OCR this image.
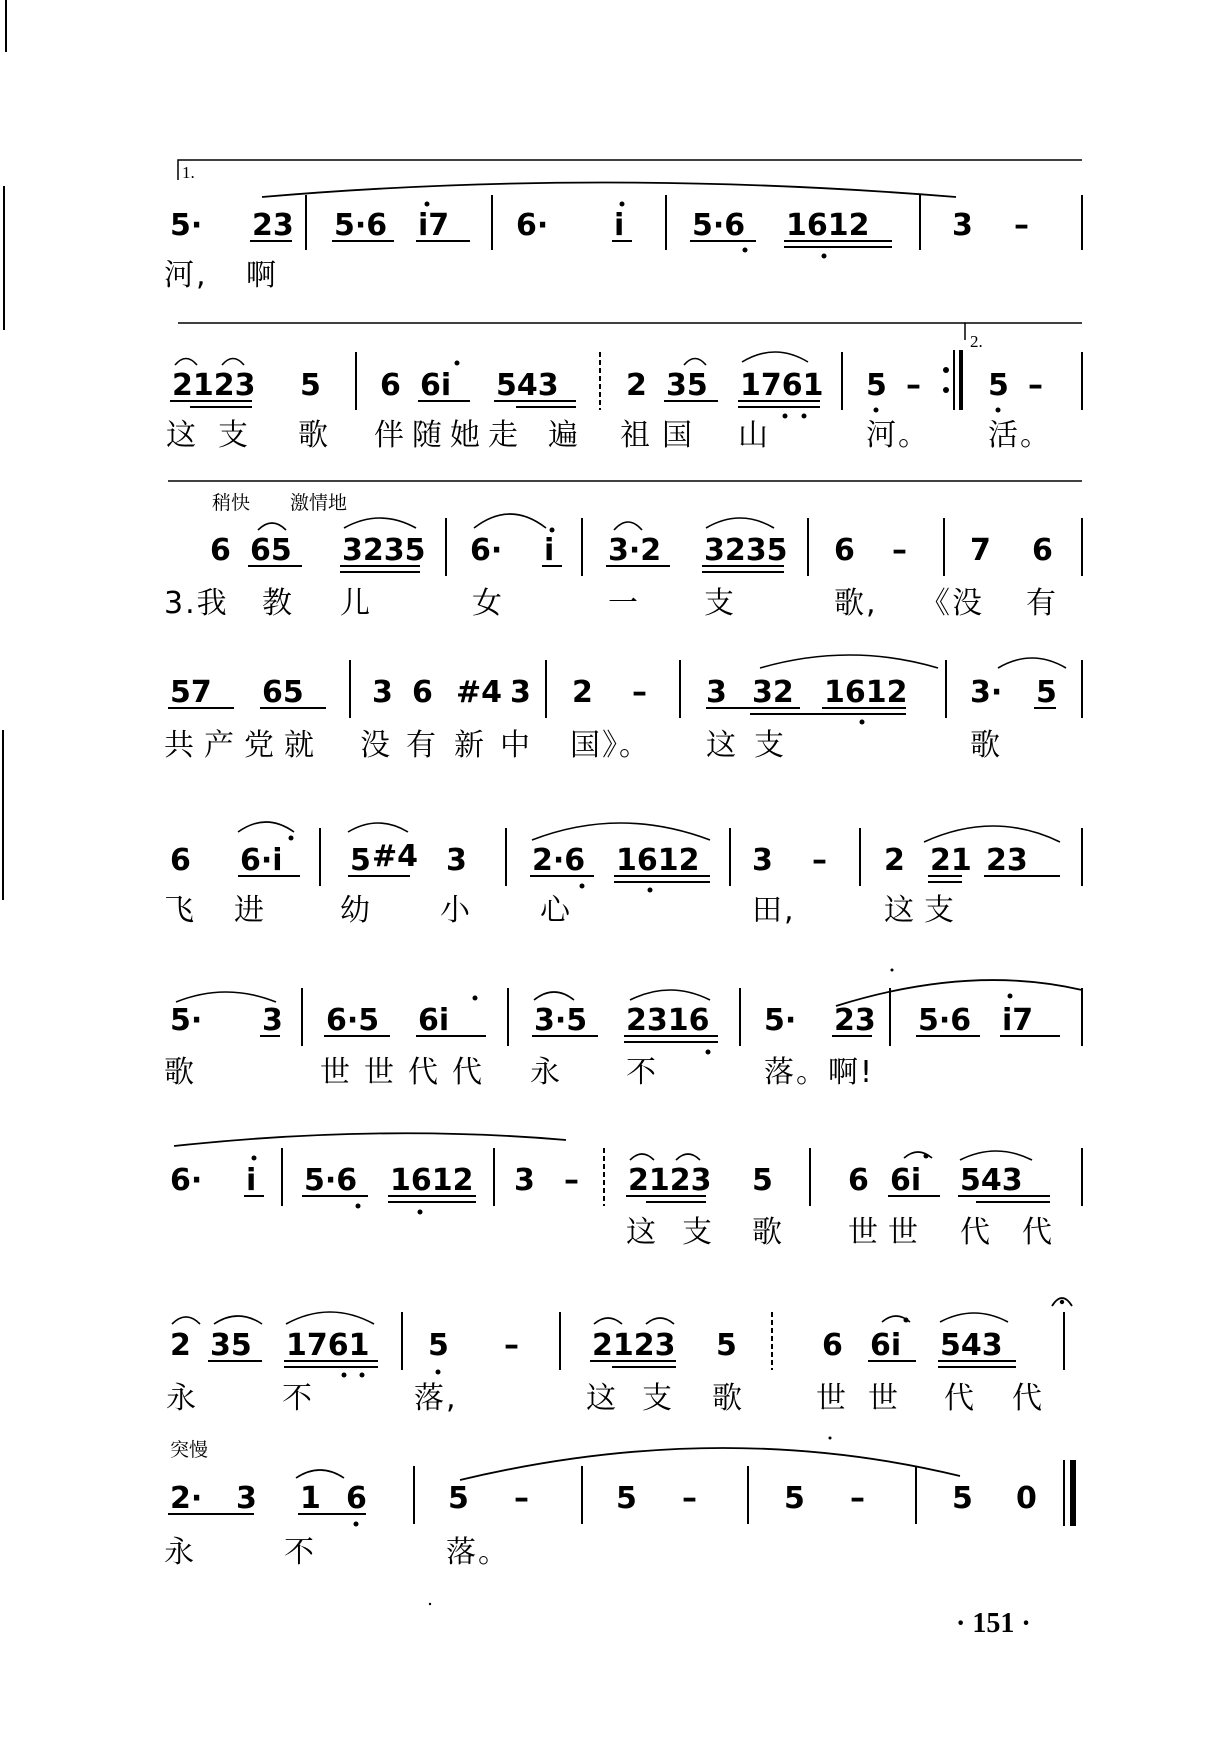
1.
5· 23 5·6 i7 6· i 5·6 1612	3 –
河, 啊
2.
2123 5 6 6i 543 2 35 1761 5 – 5 –
这 支 歌 伴 随 她 走 遍 祖 国 山	河。 活。
稍快 激情地
6 65 3235 6· i 3·2 3235 6 – 7 6
3.我 教 儿	女	一 支	歌, 《没 有
57 65 3 6 #4 3 2 – 3 32 1612 3· 5
共 产 党 就 没 有 新 中 国》。 这 支	歌
6 6·i 5 #4 3 2·6 1612 3 – 2 21 23
飞 进 幼 小 心	田,	这 支
5· 3 6·5 6i	3·5 2316 5· 23 5·6 i7
歌	世 世 代 代 永 不	落。啊!
6· i 5·6 1612 3 – 2123 5	6 6i 543
这 支 歌 世 世 代 代
2 35 1761 5 – 2123 5	6 6i 543
永	不	落,	这 支 歌 世 世 代 代
突慢
2· 3 1 6	5 –	5 –	5 –	5 0
永	不	落。
· 151 ·
